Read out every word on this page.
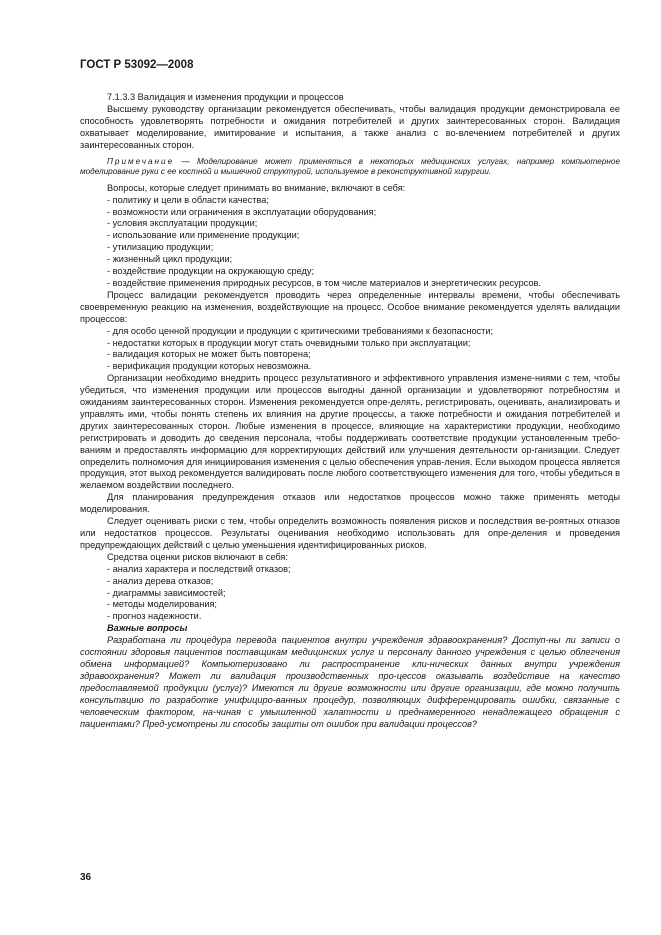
ГОСТ Р 53092—2008

7.1.3.3 Валидация и изменения продукции и процессов

Высшему руководству организации рекомендуется обеспечивать, чтобы валидация продукции демонстрировала ее способность удовлетворять потребности и ожидания потребителей и других заинтересованных сторон. Валидация охватывает моделирование, имитирование и испытания, а также анализ с во-влечением потребителей и других заинтересованных сторон.

Примечание — Моделирование может применяться в некоторых медицинских услугах, например компьютерное моделирование руки с ее костной и мышечной структурой, используемое в реконструктивной хирургии.

Вопросы, которые следует принимать во внимание, включают в себя:

- политику и цели в области качества;

- возможности или ограничения в эксплуатации оборудования;

- условия эксплуатации продукции;

- использование или применение продукции;

- утилизацию продукции;

- жизненный цикл продукции;

- воздействие продукции на окружающую среду;

- воздействие применения природных ресурсов, в том числе материалов и энергетических ресурсов.

Процесс валидации рекомендуется проводить через определенные интервалы времени, чтобы обеспечивать своевременную реакцию на изменения, воздействующие на процесс. Особое внимание рекомендуется уделять валидации процессов:

- для особо ценной продукции и продукции с критическими требованиями к безопасности;

- недостатки которых в продукции могут стать очевидными только при эксплуатации;

- валидация которых не может быть повторена;

- верификация продукции которых невозможна.

Организации необходимо внедрить процесс результативного и эффективного управления измене-ниями с тем, чтобы убедиться, что изменения продукции или процессов выгодны данной организации и удовлетворяют потребностям и ожиданиям заинтересованных сторон. Изменения рекомендуется опре-делять, регистрировать, оценивать, анализировать и управлять ими, чтобы понять степень их влияния на другие процессы, а также потребности и ожидания потребителей и других заинтересованных сторон. Любые изменения в процессе, влияющие на характеристики продукции, необходимо регистрировать и доводить до сведения персонала, чтобы поддерживать соответствие продукции установленным требо-ваниям и предоставлять информацию для корректирующих действий или улучшения деятельности ор-ганизации. Следует определить полномочия для инициирования изменения с целью обеспечения управ-ления. Если выходом процесса является продукция, этот выход рекомендуется валидировать после любого соответствующего изменения для того, чтобы убедиться в желаемом воздействии последнего.

Для планирования предупреждения отказов или недостатков процессов можно также применять методы моделирования.

Следует оценивать риски с тем, чтобы определить возможность появления рисков и последствия ве-роятных отказов или недостатков процессов. Результаты оценивания необходимо использовать для опре-деления и проведения предупреждающих действий с целью уменьшения идентифицированных рисков.

Средства оценки рисков включают в себя:

- анализ характера и последствий отказов;

- анализ дерева отказов;

- диаграммы зависимостей;

- методы моделирования;

- прогноз надежности.

Важные вопросы

Разработана ли процедура перевода пациентов внутри учреждения здравоохранения? Доступ-ны ли записи о состоянии здоровья пациентов поставщикам медицинских услуг и персоналу данного учреждения с целью облегчения обмена информацией? Компьютеризовано ли распространение кли-нических данных внутри учреждения здравоохранения? Может ли валидация производственных про-цессов оказывать воздействие на качество предоставляемой продукции (услуг)? Имеются ли другие возможности или другие организации, где можно получить консультацию по разработке унифициро-ванных процедур, позволяющих дифференцировать ошибки, связанные с человеческим фактором, на-чиная с умышленной халатности и преднамеренного ненадлежащего обращения с пациентами? Пред-усмотрены ли способы защиты от ошибок при валидации процессов?

36
